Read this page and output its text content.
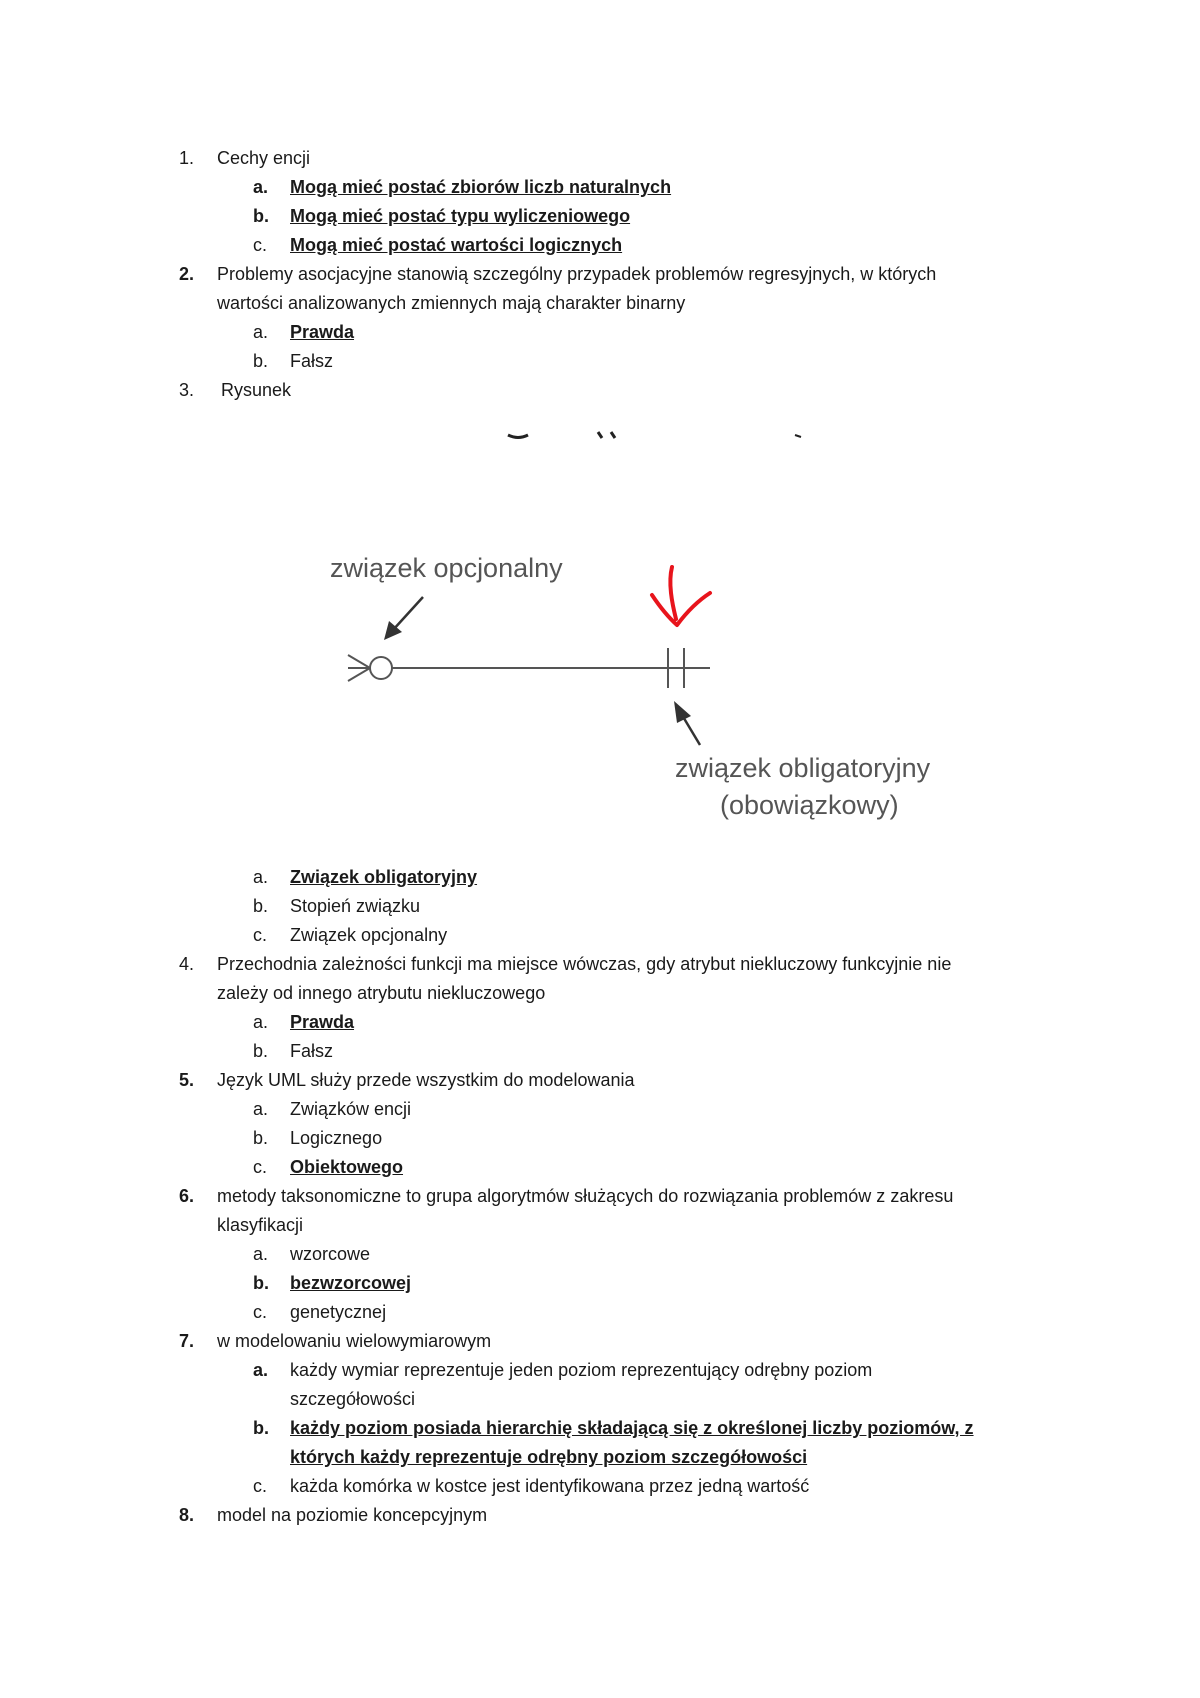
1. Cechy encji
a. Mogą mieć postać zbiorów liczb naturalnych
b. Mogą mieć postać typu wyliczeniowego
c. Mogą mieć postać wartości logicznych
2. Problemy asocjacyjne stanowią szczególny przypadek problemów regresyjnych, w których
wartości analizowanych zmiennych mają charakter binarny
a. Prawda
b. Fałsz
3. Rysunek
związek opcjonalny
związek obligatoryjny
(obowiązkowy)
a. Związek obligatoryjny
b. Stopień związku
c. Związek opcjonalny
4. Przechodnia zależności funkcji ma miejsce wówczas, gdy atrybut niekluczowy funkcyjnie nie
zależy od innego atrybutu niekluczowego
a. Prawda
b. Fałsz
5. Język UML służy przede wszystkim do modelowania
a. Związków encji
b. Logicznego
c. Obiektowego
6. metody taksonomiczne to grupa algorytmów służących do rozwiązania problemów z zakresu
klasyfikacji
a. wzorcowe
b. bezwzorcowej
c. genetycznej
7. w modelowaniu wielowymiarowym
a. każdy wymiar reprezentuje jeden poziom reprezentujący odrębny poziom
szczegółowości
b. każdy poziom posiada hierarchię składającą się z określonej liczby poziomów, z
których każdy reprezentuje odrębny poziom szczegółowości
c. każda komórka w kostce jest identyfikowana przez jedną wartość
8. model na poziomie koncepcyjnym
